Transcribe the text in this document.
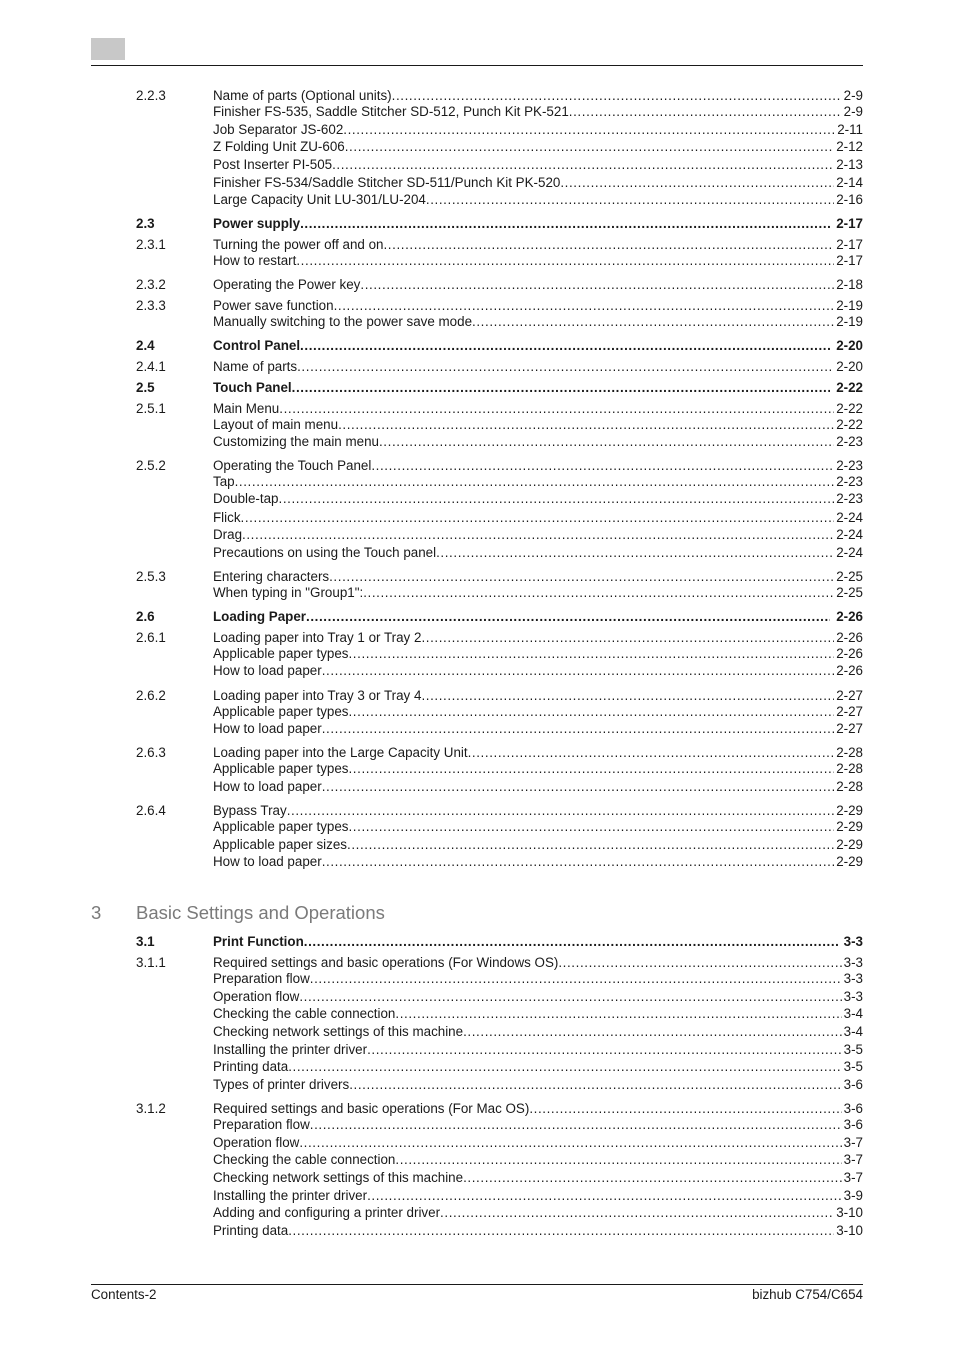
2.2.3	Name of parts (Optional units) .....	2-9
Finisher FS-535, Saddle Stitcher SD-512, Punch Kit PK-521 .....	2-9
Job Separator JS-602 .....	2-11
Z Folding Unit ZU-606 .....	2-12
Post Inserter PI-505 .....	2-13
Finisher FS-534/Saddle Stitcher SD-511/Punch Kit PK-520 .....	2-14
Large Capacity Unit LU-301/LU-204 .....	2-16
2.3	Power supply .....	2-17
2.3.1	Turning the power off and on .....	2-17
How to restart .....	2-17
2.3.2	Operating the Power key .....	2-18
2.3.3	Power save function .....	2-19
Manually switching to the power save mode .....	2-19
2.4	Control Panel .....	2-20
2.4.1	Name of parts .....	2-20
2.5	Touch Panel .....	2-22
2.5.1	Main Menu .....	2-22
Layout of main menu .....	2-22
Customizing the main menu .....	2-23
2.5.2	Operating the Touch Panel .....	2-23
Tap .....	2-23
Double-tap .....	2-23
Flick .....	2-24
Drag .....	2-24
Precautions on using the Touch panel .....	2-24
2.5.3	Entering characters .....	2-25
When typing in "Group1": .....	2-25
2.6	Loading Paper .....	2-26
2.6.1	Loading paper into Tray 1 or Tray 2 .....	2-26
Applicable paper types .....	2-26
How to load paper .....	2-26
2.6.2	Loading paper into Tray 3 or Tray 4 .....	2-27
Applicable paper types .....	2-27
How to load paper .....	2-27
2.6.3	Loading paper into the Large Capacity Unit .....	2-28
Applicable paper types .....	2-28
How to load paper .....	2-28
2.6.4	Bypass Tray .....	2-29
Applicable paper types .....	2-29
Applicable paper sizes .....	2-29
How to load paper .....	2-29
3.1	Print Function .....	3-3
3.1.1	Required settings and basic operations (For Windows OS) .....	3-3
Preparation flow .....	3-3
Operation flow .....	3-3
Checking the cable connection .....	3-4
Checking network settings of this machine .....	3-4
Installing the printer driver .....	3-5
Printing data .....	3-5
Types of printer drivers .....	3-6
3.1.2	Required settings and basic operations (For Mac OS) .....	3-6
Preparation flow .....	3-6
Operation flow .....	3-7
Checking the cable connection .....	3-7
Checking network settings of this machine .....	3-7
Installing the printer driver .....	3-9
Adding and configuring a printer driver .....	3-10
Printing data .....	3-10
3 Basic Settings and Operations
Contents-2	bizhub C754/C654
